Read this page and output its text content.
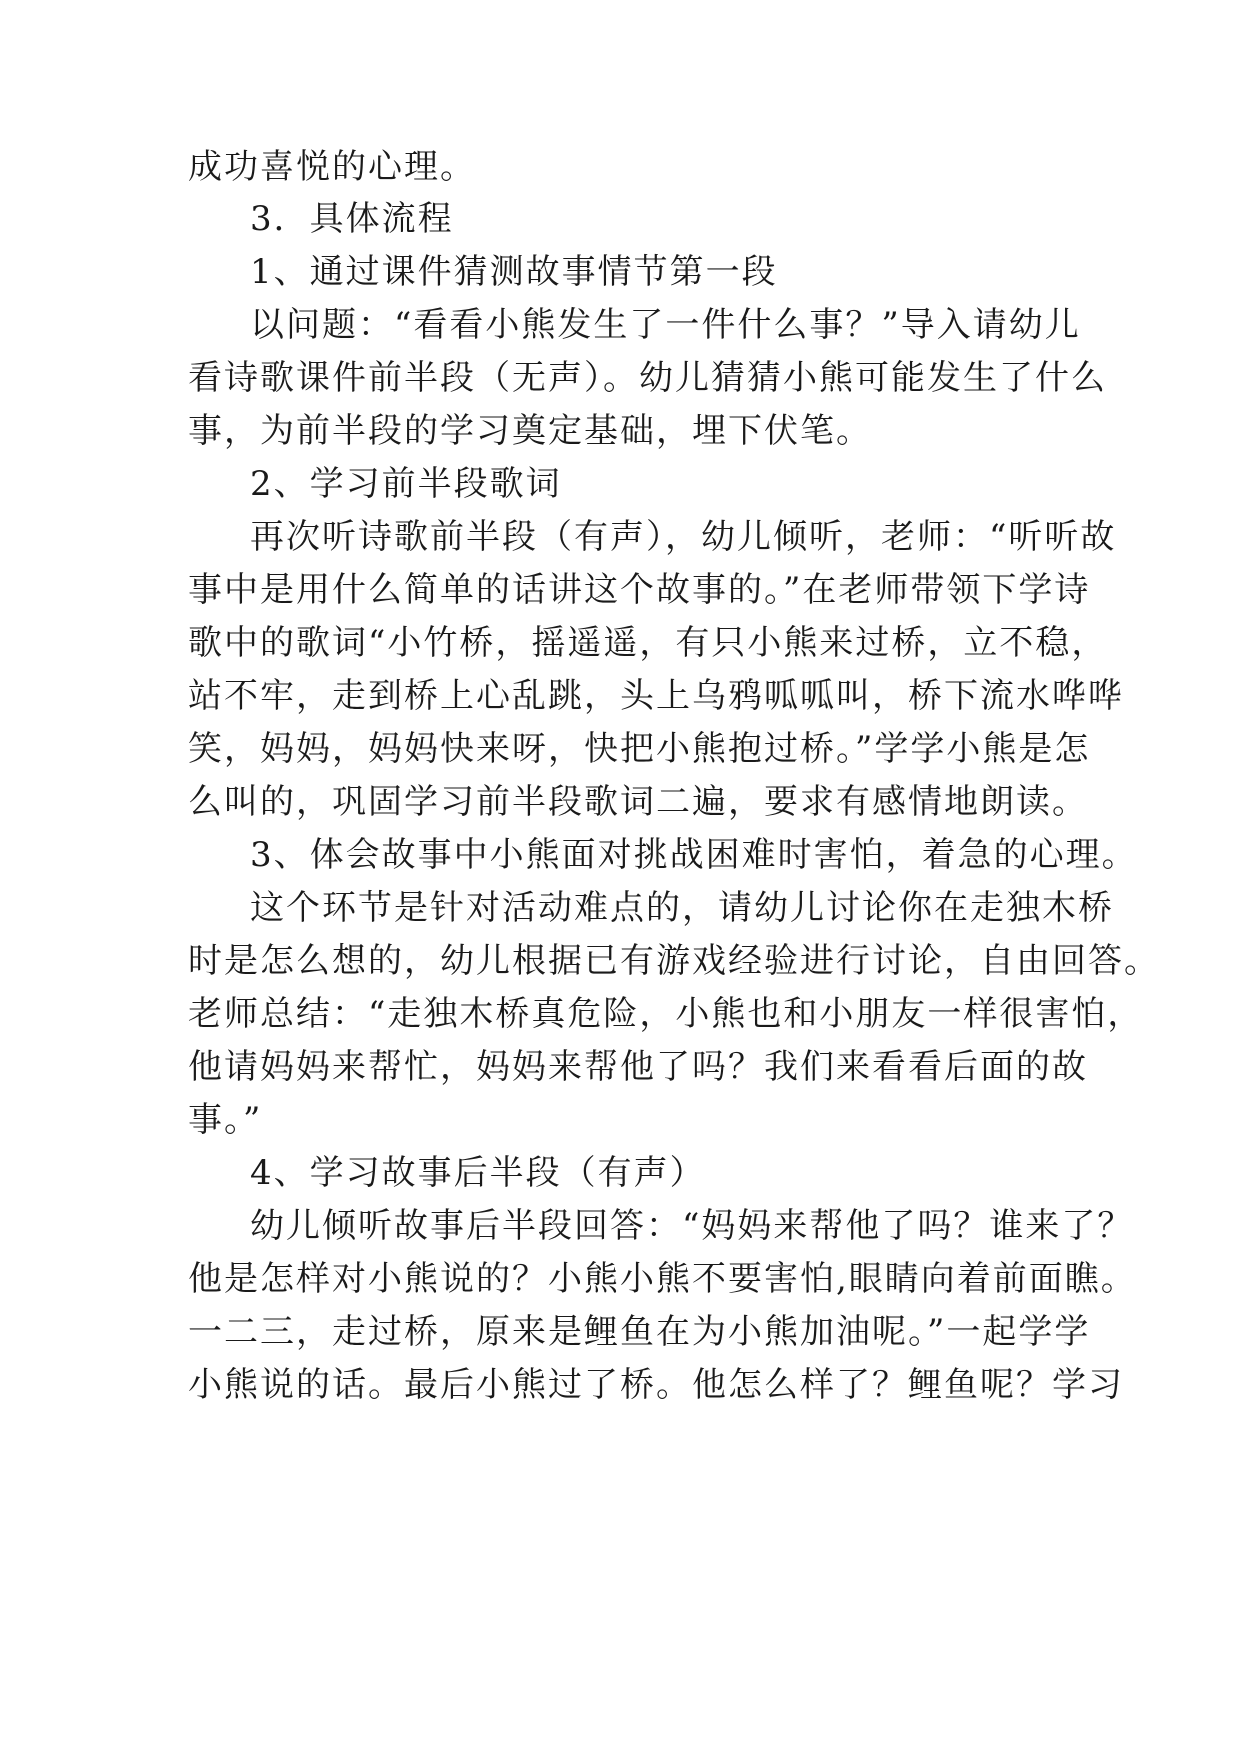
成功喜悦的心理。

3．具体流程

1、通过课件猜测故事情节第一段

以问题：“看看小熊发生了一件什么事？”导入请幼儿

看诗歌课件前半段（无声）。幼儿猜猜小熊可能发生了什么

事，为前半段的学习奠定基础，埋下伏笔。

2、学习前半段歌词

再次听诗歌前半段（有声），幼儿倾听，老师：“听听故

事中是用什么简单的话讲这个故事的。”在老师带领下学诗

歌中的歌词“小竹桥，摇遥遥，有只小熊来过桥，立不稳，

站不牢，走到桥上心乱跳，头上乌鸦呱呱叫，桥下流水哗哗

笑，妈妈，妈妈快来呀，快把小熊抱过桥。”学学小熊是怎

么叫的，巩固学习前半段歌词二遍，要求有感情地朗读。

3、体会故事中小熊面对挑战困难时害怕，着急的心理。

这个环节是针对活动难点的，请幼儿讨论你在走独木桥

时是怎么想的，幼儿根据已有游戏经验进行讨论，自由回答。

老师总结：“走独木桥真危险，小熊也和小朋友一样很害怕，

他请妈妈来帮忙，妈妈来帮他了吗？我们来看看后面的故

事。”

4、学习故事后半段（有声）

幼儿倾听故事后半段回答：“妈妈来帮他了吗？谁来了？

他是怎样对小熊说的？小熊小熊不要害怕,眼睛向着前面瞧。

一二三，走过桥，原来是鲤鱼在为小熊加油呢。”一起学学

小熊说的话。最后小熊过了桥。他怎么样了？鲤鱼呢？学习
